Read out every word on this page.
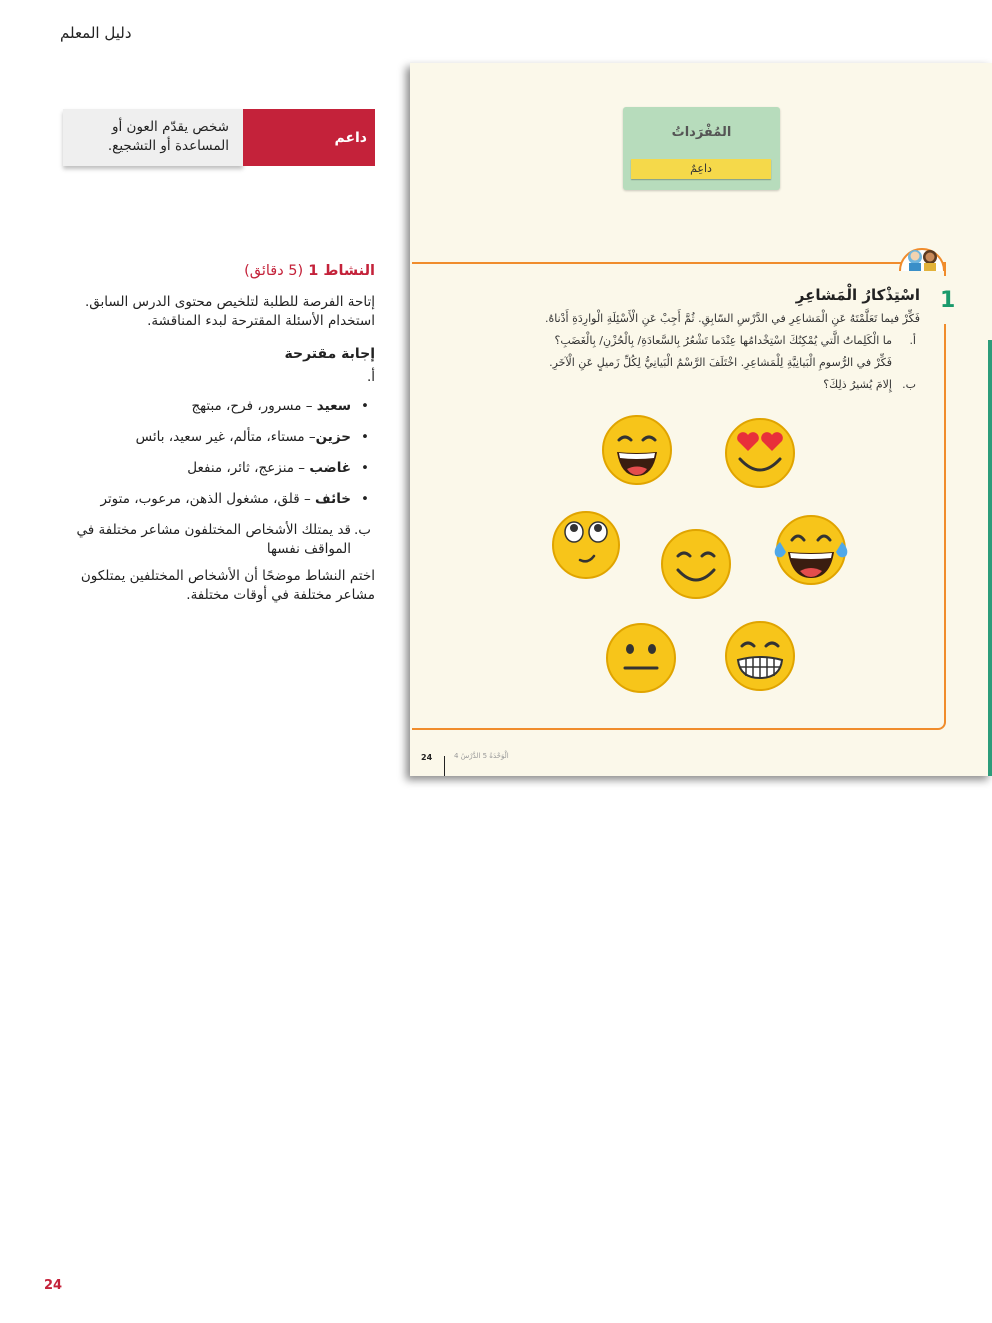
دليل المعلم
شخص يقدّم العون أو
المساعدة أو التشجيع.
داعم
النشاط 1 (5 دقائق)
إتاحة الفرصة للطلبة لتلخيص محتوى الدرس السابق.
استخدام الأسئلة المقترحة لبدء المناقشة.
إجابة مقترحة
أ.
• سعيد – مسرور، فرح، مبتهج
• حزين– مستاء، متألم، غير سعيد، بائس
• غاضب – منزعج، ثائر، منفعل
• خائف – قلق، مشغول الذهن، مرعوب، متوتر
ب.
قد يمتلك الأشخاص المختلفون مشاعر مختلفة في المواقف نفسها
اختم النشاط موضحًا أن الأشخاص المختلفين يمتلكون مشاعر مختلفة في أوقات مختلفة.
24
المُفْرَداتُ
داعِمٌ
1
اسْتِذْكارُ الْمَشاعِرِ
فَكِّرْ فيما تَعَلَّمْتَهُ عَنِ الْمَشاعِرِ في الدَّرْسِ السّابِقِ. ثُمَّ أَجِبْ عَنِ الْأَسْئِلَةِ الْوارِدَةِ أَدْناهُ.
أ.
ما الْكَلِماتُ الَّتي يُمْكِنُكَ اسْتِخْدامُها عِنْدَما تَشْعُرُ بِالسَّعادَةِ/ بِالْحُزْنِ/ بِالْغَضَبِ؟
فَكِّرْ في الرُّسومِ الْبَيانِيَّةِ لِلْمَشاعِرِ. اخْتَلَفَ الرَّسْمُ الْبَيانِيُّ لِكُلِّ زَميلٍ عَنِ الْآخَرِ.
ب.
إِلامَ يُشيرُ ذلِكَ؟
24	الْوَحْدَةُ 5 الدَّرْسُ 4
